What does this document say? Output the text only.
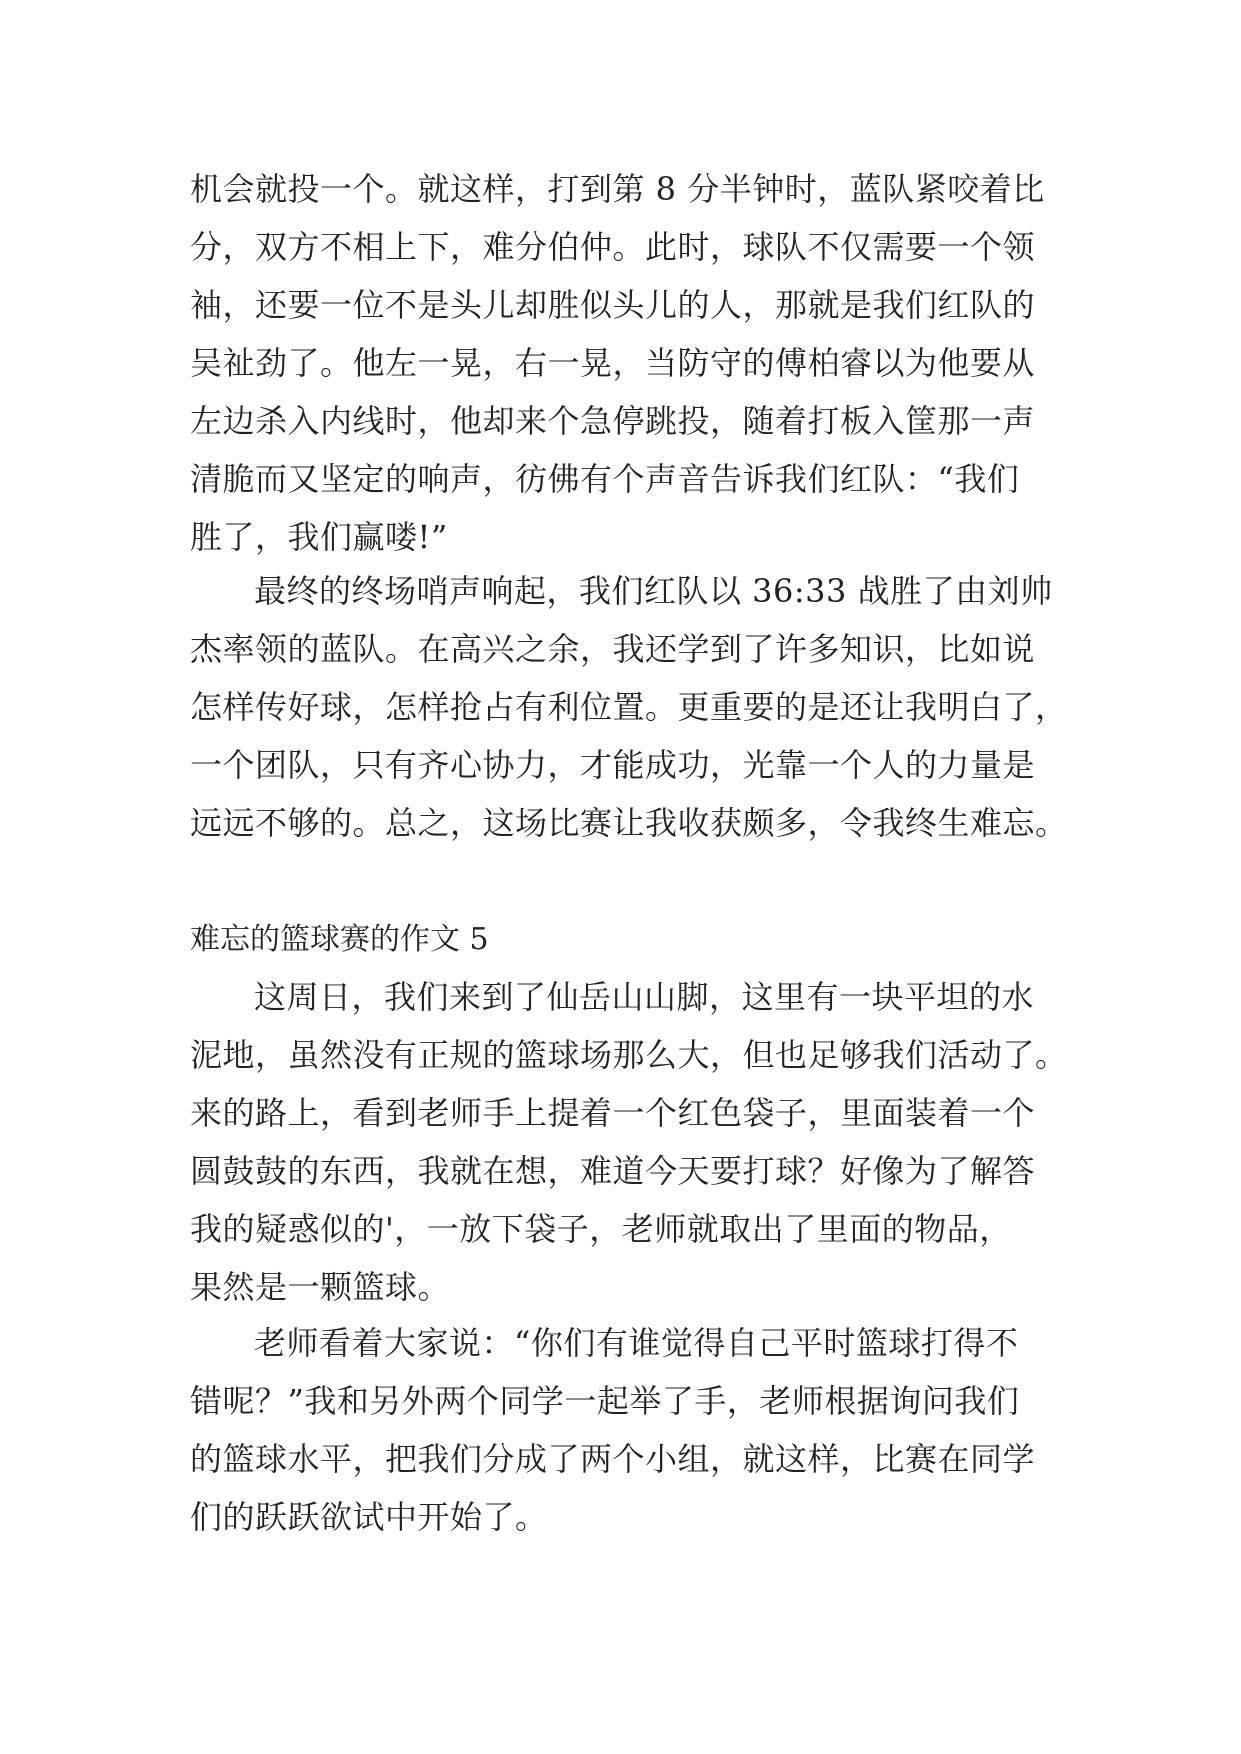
机会就投一个。就这样，打到第 8 分半钟时，蓝队紧咬着比
分，双方不相上下，难分伯仲。此时，球队不仅需要一个领
袖，还要一位不是头儿却胜似头儿的人，那就是我们红队的
吴祉劲了。他左一晃，右一晃，当防守的傅柏睿以为他要从
左边杀入内线时，他却来个急停跳投，随着打板入筐那一声
清脆而又坚定的响声，彷佛有个声音告诉我们红队：“我们
胜了，我们赢喽!”
最终的终场哨声响起，我们红队以 36:33 战胜了由刘帅
杰率领的蓝队。在高兴之余，我还学到了许多知识，比如说
怎样传好球，怎样抢占有利位置。更重要的是还让我明白了，
一个团队，只有齐心协力，才能成功，光靠一个人的力量是
远远不够的。总之，这场比赛让我收获颇多，令我终生难忘。
难忘的篮球赛的作文 5
这周日，我们来到了仙岳山山脚，这里有一块平坦的水
泥地，虽然没有正规的篮球场那么大，但也足够我们活动了。
来的路上，看到老师手上提着一个红色袋子，里面装着一个
圆鼓鼓的东西，我就在想，难道今天要打球？好像为了解答
我的疑惑似的'，一放下袋子，老师就取出了里面的物品，
果然是一颗篮球。
老师看着大家说：“你们有谁觉得自己平时篮球打得不
错呢？”我和另外两个同学一起举了手，老师根据询问我们
的篮球水平，把我们分成了两个小组，就这样，比赛在同学
们的跃跃欲试中开始了。
